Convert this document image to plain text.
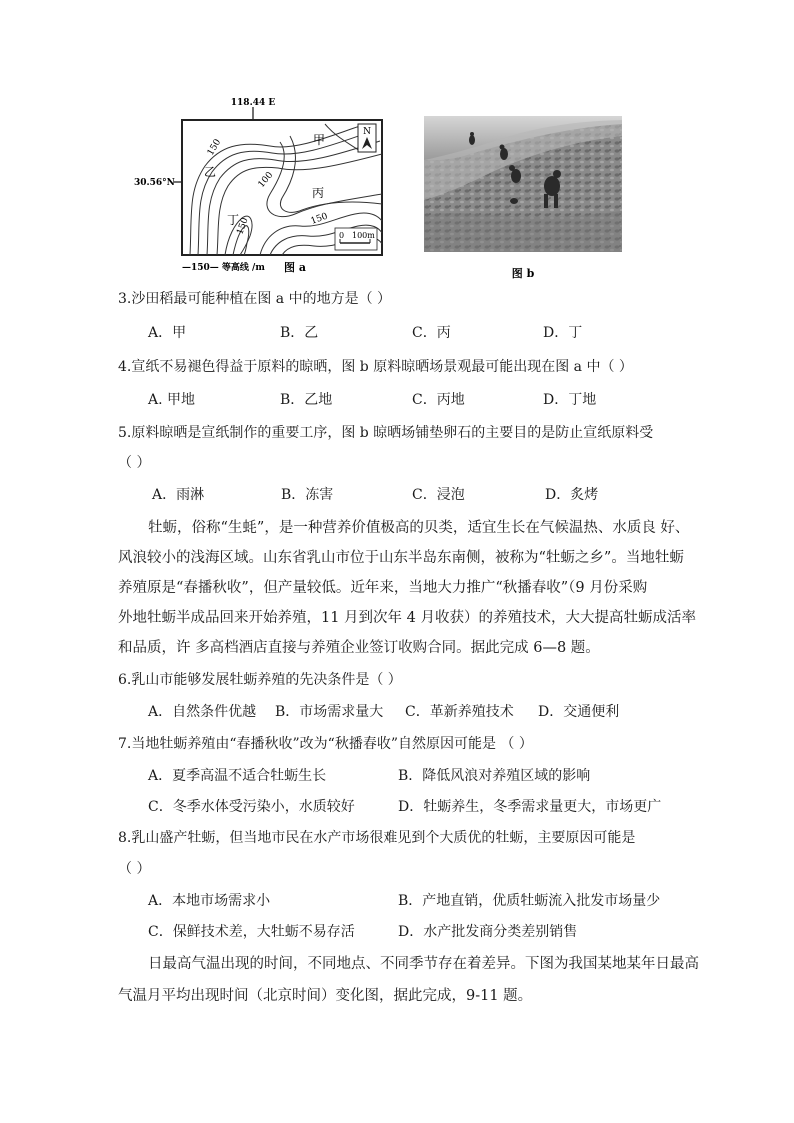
N
0 100m
甲
乙
丙
丁
150
100
150
150
118.44 E
30.56°N
—150— 等高线 /m 图 a	图 b
3.沙田稻最可能种植在图 a 中的地方是（ ）
A．甲	B．乙	C．丙	D．丁
4.宣纸不易褪色得益于原料的晾晒，图 b 原料晾晒场景观最可能出现在图 a 中（ ）
A. 甲地	B．乙地	C．丙地	D．丁地
5.原料晾晒是宣纸制作的重要工序，图 b 晾晒场铺垫卵石的主要目的是防止宣纸原料受
（ ）
A．雨淋	B．冻害	C．浸泡	D．炙烤
牡蛎，俗称“生蚝”，是一种营养价值极高的贝类，适宜生长在气候温热、水质良 好、
风浪较小的浅海区域。山东省乳山市位于山东半岛东南侧，被称为“牡蛎之乡”。当地牡蛎
养殖原是“春播秋收”，但产量较低。近年来，当地大力推广“秋播春收”（9 月份采购
外地牡蛎半成品回来开始养殖，11 月到次年 4 月收获）的养殖技术，大大提高牡蛎成活率
和品质，许 多高档酒店直接与养殖企业签订收购合同。据此完成 6—8 题。
6.乳山市能够发展牡蛎养殖的先决条件是（ ）
A．自然条件优越 B．市场需求量大 C．革新养殖技术 D．交通便利
7.当地牡蛎养殖由“春播秋收”改为“秋播春收”自然原因可能是 （ ）
A．夏季高温不适合牡蛎生长	B．降低风浪对养殖区域的影响
C．冬季水体受污染小，水质较好	D．牡蛎养生，冬季需求量更大，市场更广
8.乳山盛产牡蛎，但当地市民在水产市场很难见到个大质优的牡蛎，主要原因可能是
（ ）
A．本地市场需求小	B．产地直销，优质牡蛎流入批发市场量少
C．保鲜技术差，大牡蛎不易存活	D．水产批发商分类差别销售
日最高气温出现的时间，不同地点、不同季节存在着差异。下图为我国某地某年日最高
气温月平均出现时间（北京时间）变化图，据此完成，9-11 题。
